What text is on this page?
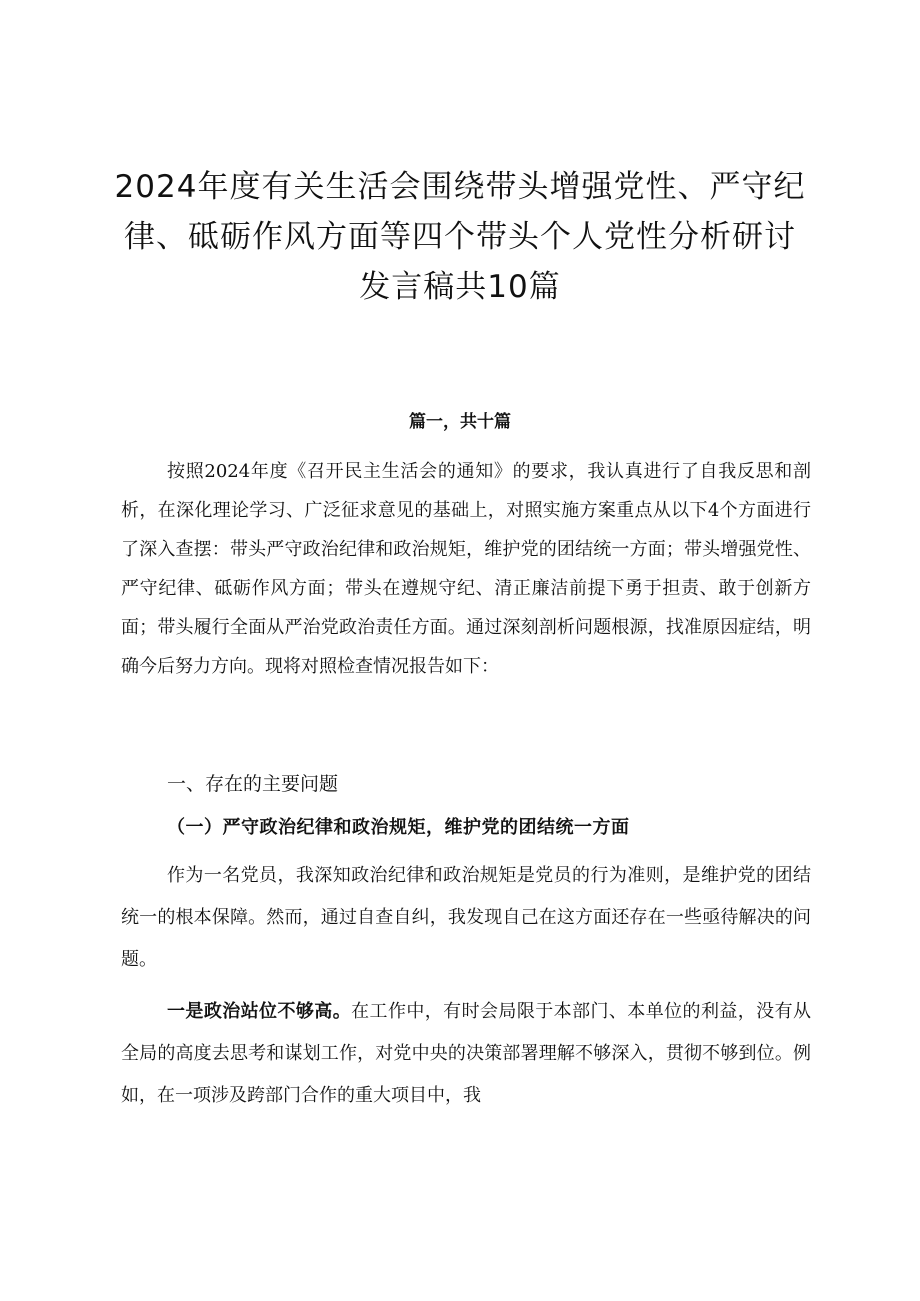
2024年度有关生活会围绕带头增强党性、严守纪律、砥砺作风方面等四个带头个人党性分析研讨发言稿共10篇
篇一，共十篇

按照2024年度《召开民主生活会的通知》的要求，我认真进行了自我反思和剖析，在深化理论学习、广泛征求意见的基础上，对照实施方案重点从以下4个方面进行了深入查摆：带头严守政治纪律和政治规矩，维护党的团结统一方面；带头增强党性、严守纪律、砥砺作风方面；带头在遵规守纪、清正廉洁前提下勇于担责、敢于创新方面；带头履行全面从严治党政治责任方面。通过深刻剖析问题根源，找准原因症结，明确今后努力方向。现将对照检查情况报告如下：

一、存在的主要问题
（一）严守政治纪律和政治规矩，维护党的团结统一方面

作为一名党员，我深知政治纪律和政治规矩是党员的行为准则，是维护党的团结统一的根本保障。然而，通过自查自纠，我发现自己在这方面还存在一些亟待解决的问题。

一是政治站位不够高。在工作中，有时会局限于本部门、本单位的利益，没有从全局的高度去思考和谋划工作，对党中央的决策部署理解不够深入，贯彻不够到位。例如，在一项涉及跨部门合作的重大项目中，我
